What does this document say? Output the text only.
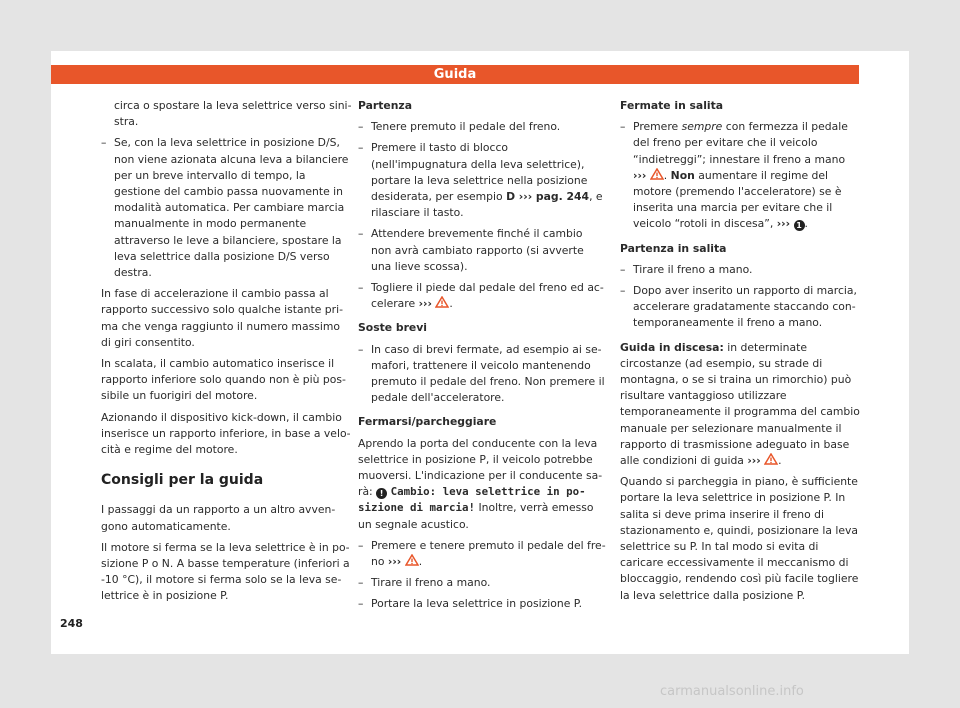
Guida

circa o spostare la leva selettrice verso sinistra.

– Se, con la leva selettrice in posizione D/S, non viene azionata alcuna leva a bilanciere per un breve intervallo di tempo, la gestione del cambio passa nuovamente in modalità automatica. Per cambiare marcia manualmente in modo permanente attraverso le leve a bilanciere, spostare la leva selettrice dalla posizione D/S verso destra.

In fase di accelerazione il cambio passa al rapporto successivo solo qualche istante prima che venga raggiunto il numero massimo di giri consentito.

In scalata, il cambio automatico inserisce il rapporto inferiore solo quando non è più possibile un fuorigiri del motore.

Azionando il dispositivo kick-down, il cambio inserisce un rapporto inferiore, in base a velocità e regime del motore.

Consigli per la guida

I passaggi da un rapporto a un altro avvengono automaticamente.

Il motore si ferma se la leva selettrice è in posizione P o N. A basse temperature (inferiori a -10 °C), il motore si ferma solo se la leva selettrice è in posizione P.

Partenza
– Tenere premuto il pedale del freno.
– Premere il tasto di blocco (nell'impugnatura della leva selettrice), portare la leva selettrice nella posizione desiderata, per esempio D ››› pag. 244, e rilasciare il tasto.
– Attendere brevemente finché il cambio non avrà cambiato rapporto (si avverte una lieve scossa).
– Togliere il piede dal pedale del freno ed accelerare ››› .
Soste brevi
– In caso di brevi fermate, ad esempio ai semafori, trattenere il veicolo mantenendo premuto il pedale del freno. Non premere il pedale dell'acceleratore.
Fermarsi/parcheggiare

Aprendo la porta del conducente con la leva selettrice in posizione P, il veicolo potrebbe muoversi. L'indicazione per il conducente sarà: ! Cambio: leva selettrice in posizione di marcia! Inoltre, verrà emesso un segnale acustico.

– Premere e tenere premuto il pedale del freno ››› .
– Tirare il freno a mano.
– Portare la leva selettrice in posizione P.
Fermate in salita
– Premere sempre con fermezza il pedale del freno per evitare che il veicolo “indietreggi”; innestare il freno a mano ››› . Non aumentare il regime del motore (premendo l'acceleratore) se è inserita una marcia per evitare che il veicolo “rotoli in discesa”, ››› 1 .
Partenza in salita
– Tirare il freno a mano.
– Dopo aver inserito un rapporto di marcia, accelerare gradatamente staccando contemporaneamente il freno a mano.

Guida in discesa: in determinate circostanze (ad esempio, su strade di montagna, o se si traina un rimorchio) può risultare vantaggioso utilizzare temporaneamente il programma del cambio manuale per selezionare manualmente il rapporto di trasmissione adeguato in base alle condizioni di guida ››› .

Quando si parcheggia in piano, è sufficiente portare la leva selettrice in posizione P. In salita si deve prima inserire il freno di stazionamento e, quindi, posizionare la leva selettrice su P. In tal modo si evita di caricare eccessivamente il meccanismo di bloccaggio, rendendo così più facile togliere la leva selettrice dalla posizione P.

248
carmanualsonline.info
